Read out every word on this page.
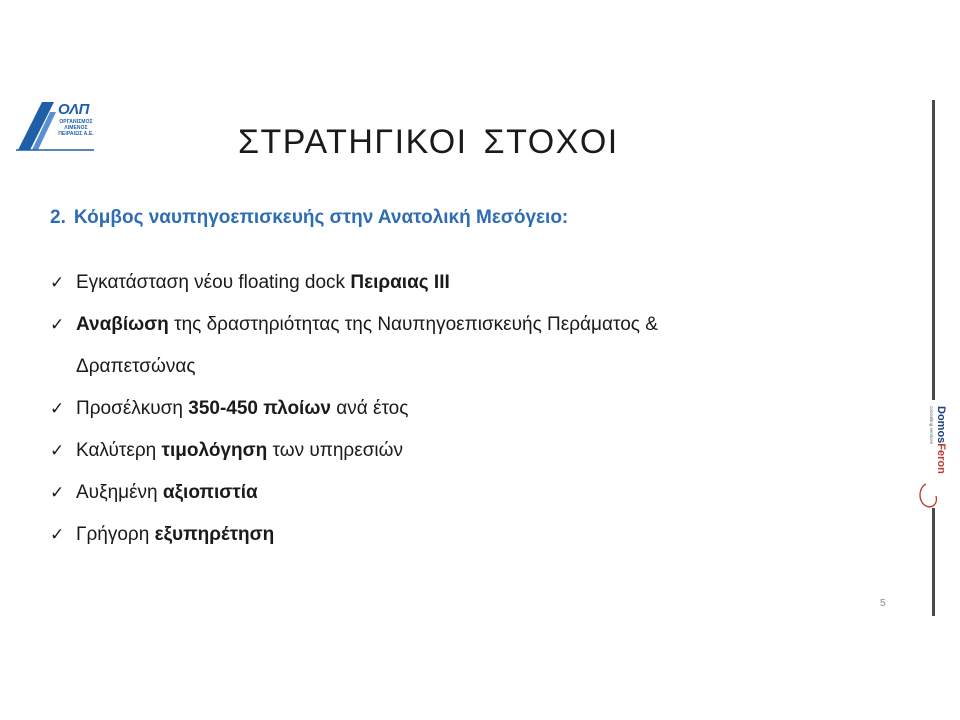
ΟΛΠ
ΟΡΓΑΝΙΣΜΟΣ
ΛΙΜΕΝΟΣ
ΠΕΙΡΑΙΩΣ Α.Ε.	ΣΤΡΑΤΗΓΙΚΟΙ ΣΤΟΧΟΙ
2. Κόμβος ναυπηγοεπισκευής στην Ανατολική Μεσόγειο:
✓ Εγκατάσταση νέου floating dock Πειραιας ΙΙΙ
✓ Αναβίωση της δραστηριότητας της Ναυπηγοεπισκευής Περάματος &
Δραπετσώνας
✓ Προσέλκυση 350-450 πλοίων ανά έτος
✓ Καλύτερη τιμολόγηση των υπηρεσιών
✓ Αυξημένη αξιοπιστία
✓ Γρήγορη εξυπηρέτηση
DomosFeron
consulting services
5
